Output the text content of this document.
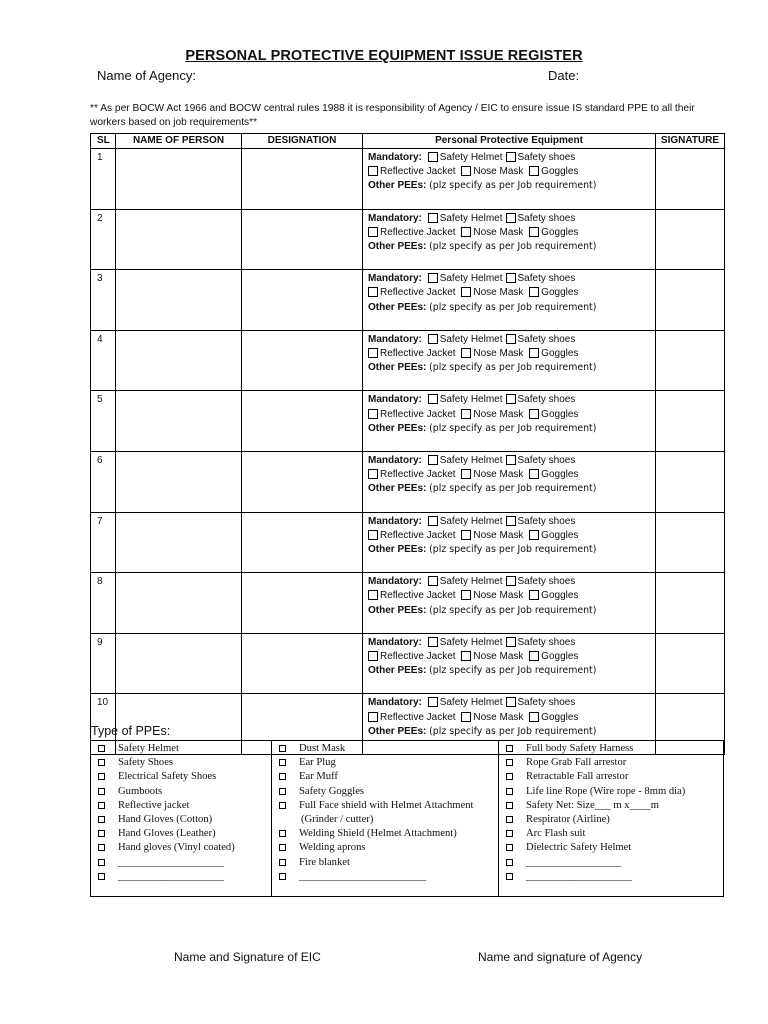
PERSONAL PROTECTIVE EQUIPMENT ISSUE REGISTER
Name of Agency:	Date:
** As per BOCW Act 1966 and BOCW central rules 1988 it is responsibility of Agency / EIC to ensure issue IS standard PPE to all their
workers based on job requirements**
SL	NAME OF PERSON	DESIGNATION	Personal Protective Equipment	SIGNATURE
1			Mandatory: Safety Helmet Safety shoes
Reflective Jacket Nose Mask Goggles
Other PEEs: (plz specify as per Job requirement)	

2			Mandatory: Safety Helmet Safety shoes
Reflective Jacket Nose Mask Goggles
Other PEEs: (plz specify as per Job requirement)	

3			Mandatory: Safety Helmet Safety shoes
Reflective Jacket Nose Mask Goggles
Other PEEs: (plz specify as per Job requirement)	

4			Mandatory: Safety Helmet Safety shoes
Reflective Jacket Nose Mask Goggles
Other PEEs: (plz specify as per Job requirement)	

5			Mandatory: Safety Helmet Safety shoes
Reflective Jacket Nose Mask Goggles
Other PEEs: (plz specify as per Job requirement)	

6			Mandatory: Safety Helmet Safety shoes
Reflective Jacket Nose Mask Goggles
Other PEEs: (plz specify as per Job requirement)	

7			Mandatory: Safety Helmet Safety shoes
Reflective Jacket Nose Mask Goggles
Other PEEs: (plz specify as per Job requirement)	

8			Mandatory: Safety Helmet Safety shoes
Reflective Jacket Nose Mask Goggles
Other PEEs: (plz specify as per Job requirement)	

9			Mandatory: Safety Helmet Safety shoes
Reflective Jacket Nose Mask Goggles
Other PEEs: (plz specify as per Job requirement)	

10			Mandatory: Safety Helmet Safety shoes
Reflective Jacket Nose Mask Goggles
Other PEEs: (plz specify as per Job requirement)	

Type of PPEs:
Safety Helmet
Safety Shoes
Electrical Safety Shoes
Gumboots
Reflective jacket
Hand Gloves (Cotton)
Hand Gloves (Leather)
Hand gloves (Vinyl coated)
____________________
____________________
Dust Mask
Ear Plug
Ear Muff
Safety Goggles
Full Face shield with Helmet Attachment
(Grinder / cutter)
Welding Shield (Helmet Attachment)
Welding aprons
Fire blanket
________________________
Full body Safety Harness
Rope Grab Fall arrestor
Retractable Fall arrestor
Life line Rope (Wire rope - 8mm dia)
Safety Net: Size___ m x____m
Respirator (Airline)
Arc Flash suit
Dielectric Safety Helmet
__________________
____________________
Name and Signature of EIC	Name and signature of Agency
